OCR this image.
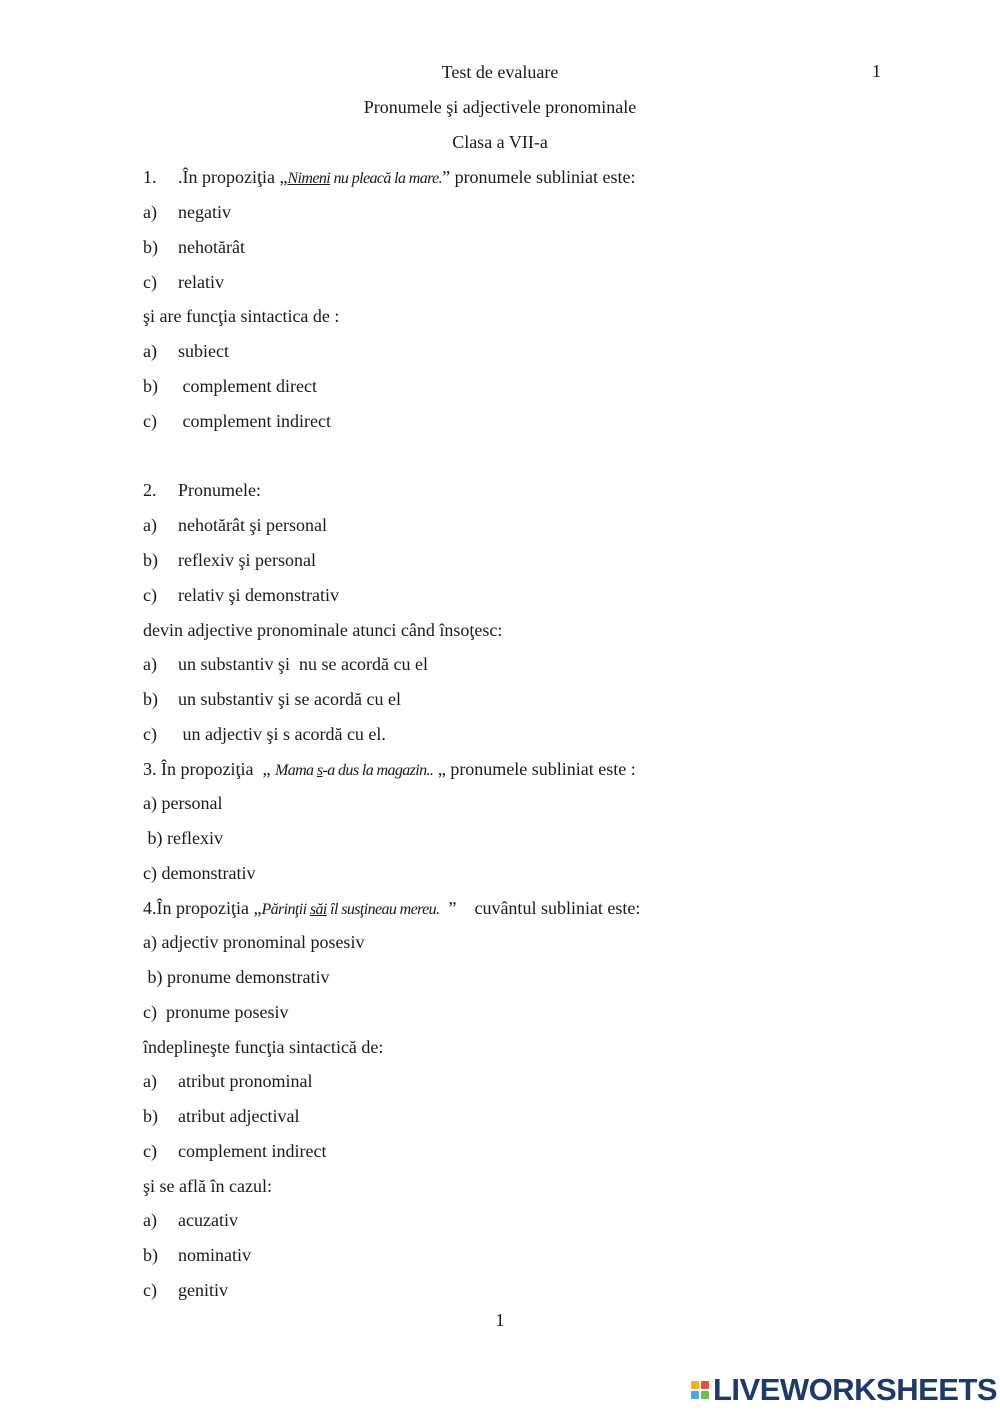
Test de evaluare	1
Pronumele şi adjectivele pronominale
Clasa a VII-a
1. .În propoziţia „Nimeni nu pleacă la mare.” pronumele subliniat este:
a) negativ
b) nehotărât
c) relativ
şi are funcţia sintactica de :
a) subiect
b) complement direct
c) complement indirect
2. Pronumele:
a) nehotărât şi personal
b) reflexiv şi personal
c) relativ şi demonstrativ
devin adjective pronominale atunci când însoţesc:
a) un substantiv şi  nu se acordă cu el
b) un substantiv şi se acordă cu el
c) un adjectiv şi s acordă cu el.
3. În propoziţia  „ Mama s-a dus la magazin.. „ pronumele subliniat este :
a) personal
b) reflexiv
c) demonstrativ
4.În propoziţia „Părinţii săi îl susţineau mereu.  ”    cuvântul subliniat este:
a) adjectiv pronominal posesiv
b) pronume demonstrativ
c)  pronume posesiv
îndeplineşte funcţia sintactică de:
a) atribut pronominal
b) atribut adjectival
c) complement indirect
şi se află în cazul:
a) acuzativ
b) nominativ
c) genitiv
1
LIVEWORKSHEETS
